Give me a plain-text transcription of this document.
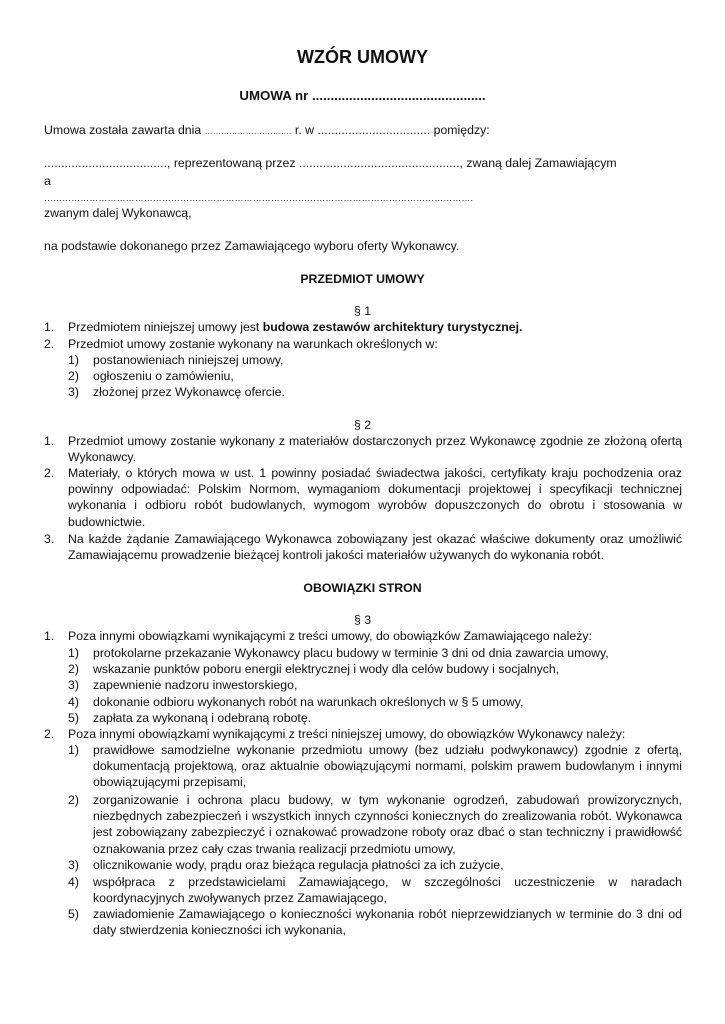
WZÓR UMOWY
UMOWA nr ...............................................
Umowa została zawarta dnia ………………………….. r. w ................................. pomiędzy:
...................................., reprezentowaną przez ..............................................., zwaną dalej Zamawiającym
a
…………………………………………………………………………………………………………………………….
zwanym dalej Wykonawcą,
na podstawie dokonanego przez Zamawiającego wyboru oferty Wykonawcy.
PRZEDMIOT UMOWY
§ 1
1. Przedmiotem niniejszej umowy jest budowa zestawów architektury turystycznej.
2. Przedmiot umowy zostanie wykonany na warunkach określonych w:
1) postanowieniach niniejszej umowy,
2) ogłoszeniu o zamówieniu,
3) złożonej przez Wykonawcę ofercie.
§ 2
1. Przedmiot umowy zostanie wykonany z materiałów dostarczonych przez Wykonawcę zgodnie ze złożoną ofertą Wykonawcy.
2. Materiały, o których mowa w ust. 1 powinny posiadać świadectwa jakości, certyfikaty kraju pochodzenia oraz powinny odpowiadać: Polskim Normom, wymaganiom dokumentacji projektowej i specyfikacji technicznej wykonania i odbioru robót budowlanych, wymogom wyrobów dopuszczonych do obrotu i stosowania w budownictwie.
3. Na każde żądanie Zamawiającego Wykonawca zobowiązany jest okazać właściwe dokumenty oraz umożliwić Zamawiającemu prowadzenie bieżącej kontroli jakości materiałów używanych do wykonania robót.
OBOWIĄZKI STRON
§ 3
1. Poza innymi obowiązkami wynikającymi z treści umowy, do obowiązków Zamawiającego należy:
1) protokolarne przekazanie Wykonawcy placu budowy w terminie 3 dni od dnia zawarcia umowy,
2) wskazanie punktów poboru energii elektrycznej i wody dla celów budowy i socjalnych,
3) zapewnienie nadzoru inwestorskiego,
4) dokonanie odbioru wykonanych robót na warunkach określonych w § 5 umowy,
5) zapłata za wykonaną i odebraną robotę.
2. Poza innymi obowiązkami wynikającymi z treści niniejszej umowy, do obowiązków Wykonawcy należy:
1) prawidłowe samodzielne wykonanie przedmiotu umowy (bez udziału podwykonawcy) zgodnie z ofertą, dokumentacją projektową, oraz aktualnie obowiązującymi normami, polskim prawem budowlanym i innymi obowiązującymi przepisami,
2) zorganizowanie i ochrona placu budowy, w tym wykonanie ogrodzeń, zabudowań prowizorycznych, niezbędnych zabezpieczeń i wszystkich innych czynności koniecznych do zrealizowania robót. Wykonawca jest zobowiązany zabezpieczyć i oznakować prowadzone roboty oraz dbać o stan techniczny i prawidłowść oznakowania przez cały czas trwania realizacji przedmiotu umowy,
3) olicznikowanie wody, prądu oraz bieżąca regulacja płatności za ich zużycie,
4) współpraca z przedstawicielami Zamawiającego, w szczególności uczestniczenie w naradach koordynacyjnych zwoływanych przez Zamawiającego,
5) zawiadomienie Zamawiającego o konieczności wykonania robót nieprzewidzianych w terminie do 3 dni od daty stwierdzenia konieczności ich wykonania,
